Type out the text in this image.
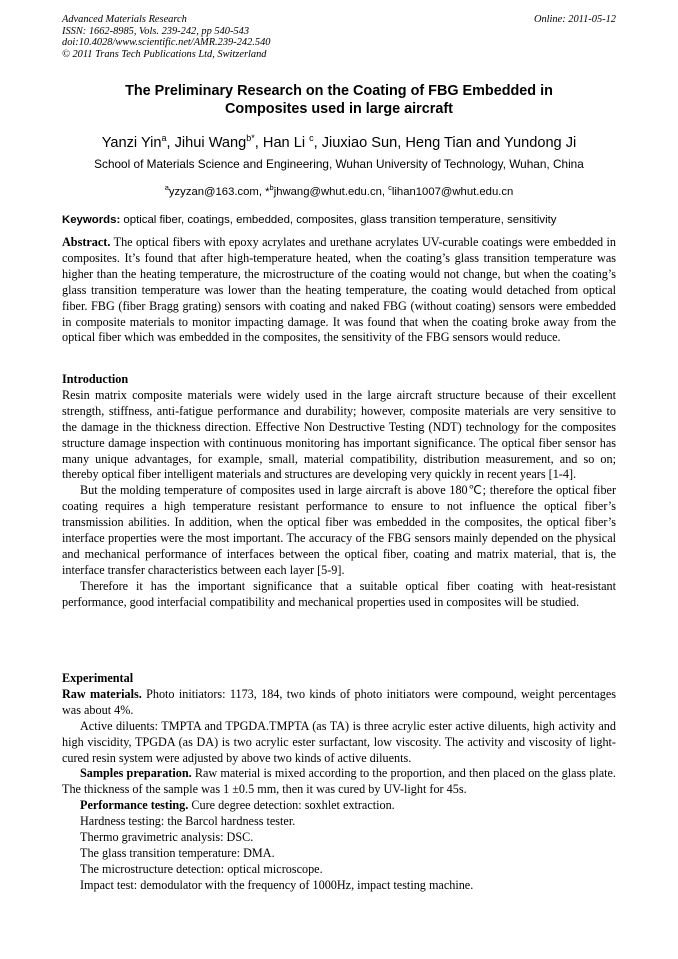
Advanced Materials Research
ISSN: 1662-8985, Vols. 239-242, pp 540-543
doi:10.4028/www.scientific.net/AMR.239-242.540
© 2011 Trans Tech Publications Ltd, Switzerland
Online: 2011-05-12
The Preliminary Research on the Coating of FBG Embedded in
Composites used in large aircraft
Yanzi Yin$^a$, Jihui Wang$^{b*}$, Han Li $^c$, Jiuxiao Sun, Heng Tian and Yundong Ji
School of Materials Science and Engineering, Wuhan University of Technology, Wuhan, China
$^a$yzyzan@163.com, *$^b$jhwang@whut.edu.cn, $^c$lihan1007@whut.edu.cn
Keywords: optical fiber, coatings, embedded, composites, glass transition temperature, sensitivity

Abstract. The optical fibers with epoxy acrylates and urethane acrylates UV-curable coatings were embedded in composites. It’s found that after high-temperature heated, when the coating’s glass transition temperature was higher than the heating temperature, the microstructure of the coating would not change, but when the coating’s glass transition temperature was lower than the heating temperature, the coating would detached from optical fiber. FBG (fiber Bragg grating) sensors with coating and naked FBG (without coating) sensors were embedded in composite materials to monitor impacting damage. It was found that when the coating broke away from the optical fiber which was embedded in the composites, the sensitivity of the FBG sensors would reduce.

Introduction

Resin matrix composite materials were widely used in the large aircraft structure because of their excellent strength, stiffness, anti-fatigue performance and durability; however, composite materials are very sensitive to the damage in the thickness direction. Effective Non Destructive Testing (NDT) technology for the composites structure damage inspection with continuous monitoring has important significance. The optical fiber sensor has many unique advantages, for example, small, material compatibility, distribution measurement, and so on; thereby optical fiber intelligent materials and structures are developing very quickly in recent years [1-4].

But the molding temperature of composites used in large aircraft is above 180℃; therefore the optical fiber coating requires a high temperature resistant performance to ensure to not influence the optical fiber’s transmission abilities. In addition, when the optical fiber was embedded in the composites, the optical fiber’s interface properties were the most important. The accuracy of the FBG sensors mainly depended on the physical and mechanical performance of interfaces between the optical fiber, coating and matrix material, that is, the interface transfer characteristics between each layer [5-9].

Therefore it has the important significance that a suitable optical fiber coating with heat-resistant performance, good interfacial compatibility and mechanical properties used in composites will be studied.

Experimental

Raw materials. Photo initiators: 1173, 184, two kinds of photo initiators were compound, weight percentages was about 4%.

Active diluents: TMPTA and TPGDA.TMPTA (as TA) is three acrylic ester active diluents, high activity and high viscidity, TPGDA (as DA) is two acrylic ester surfactant, low viscosity. The activity and viscosity of light-cured resin system were adjusted by above two kinds of active diluents.

Samples preparation. Raw material is mixed according to the proportion, and then placed on the glass plate. The thickness of the sample was 1 ±0.5 mm, then it was cured by UV-light for 45s.

Performance testing. Cure degree detection: soxhlet extraction.

Hardness testing: the Barcol hardness tester.

Thermo gravimetric analysis: DSC.

The glass transition temperature: DMA.

The microstructure detection: optical microscope.

Impact test: demodulator with the frequency of 1000Hz, impact testing machine.
